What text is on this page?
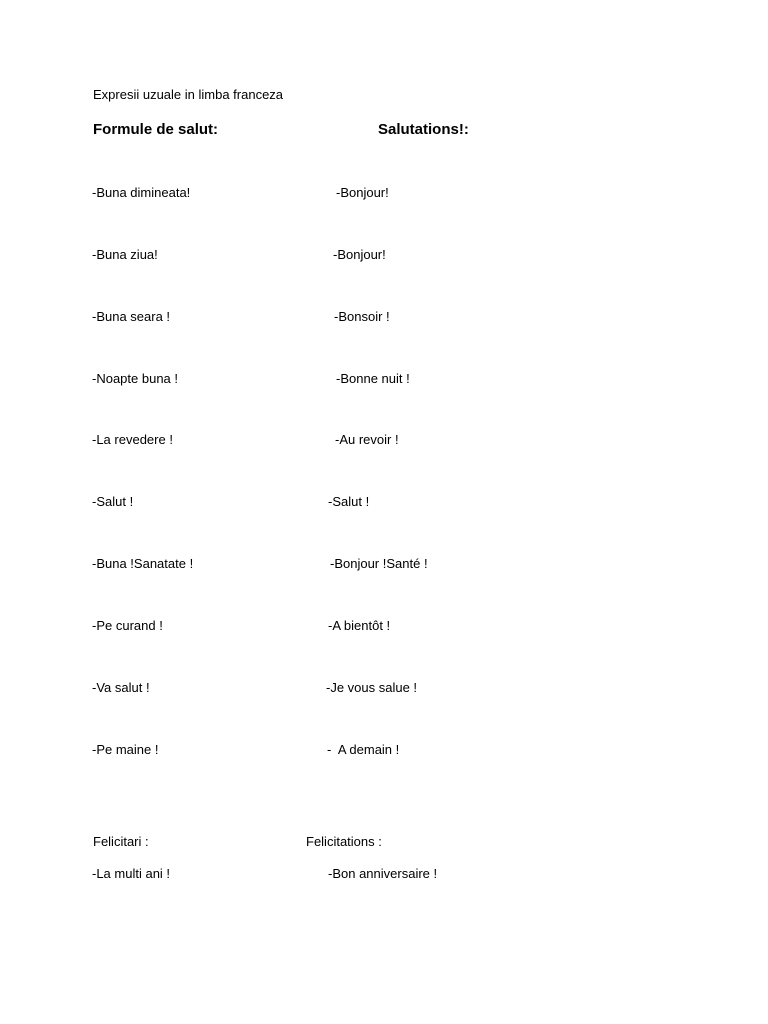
Expresii uzuale in limba franceza
Formule de salut:	Salutations!:
-Buna dimineata!	-Bonjour!
-Buna ziua!	-Bonjour!
-Buna seara !	-Bonsoir !
-Noapte buna !	-Bonne nuit !
-La revedere !	-Au revoir !
-Salut !	-Salut !
-Buna !Sanatate !	-Bonjour !Santé !
-Pe curand !	-A bientôt !
-Va salut !	-Je vous salue !
-Pe maine !	-  A demain !
Felicitari :	Felicitations :
-La multi ani !	-Bon anniversaire !
